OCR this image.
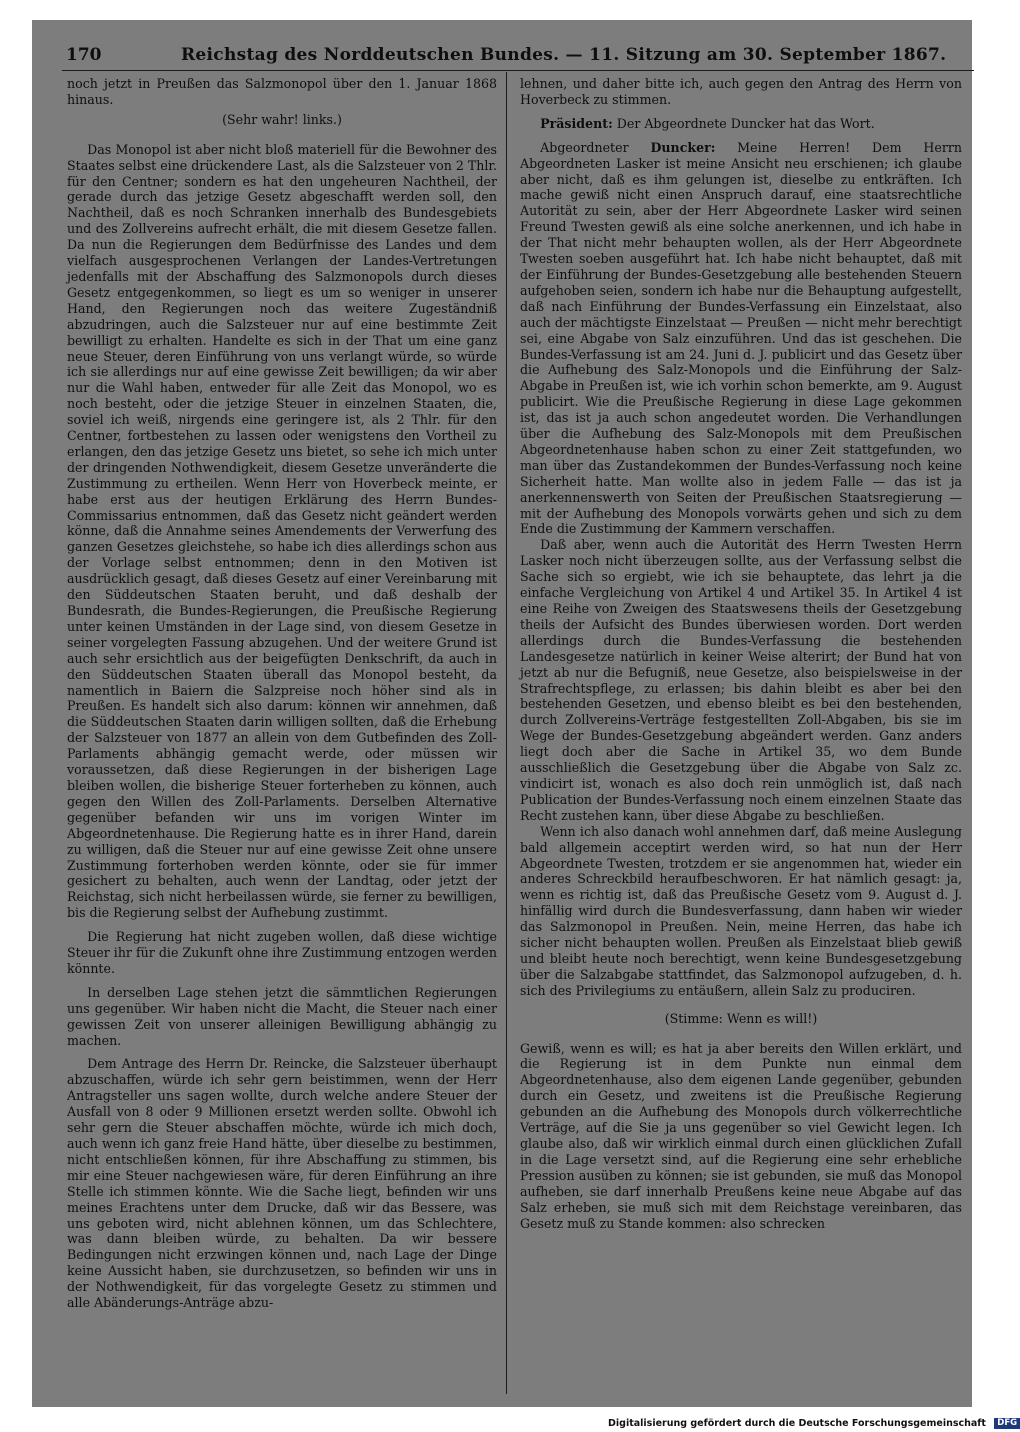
170	Reichstag des Norddeutschen Bundes. — 11. Sitzung am 30. September 1867.

noch jetzt in Preußen das Salzmonopol über den 1. Januar 1868 hinaus.

(Sehr wahr! links.)

Das Monopol ist aber nicht bloß materiell für die Bewohner des Staates selbst eine drückendere Last, als die Salzsteuer von 2 Thlr. für den Centner; sondern es hat den ungeheuren Nachtheil, der gerade durch das jetzige Gesetz abgeschafft werden soll, den Nachtheil, daß es noch Schranken innerhalb des Bundesgebiets und des Zollvereins aufrecht erhält, die mit diesem Gesetze fallen. Da nun die Regierungen dem Bedürfnisse des Landes und dem vielfach ausgesprochenen Verlangen der Landes-Vertretungen jedenfalls mit der Abschaffung des Salzmonopols durch dieses Gesetz entgegenkommen, so liegt es um so weniger in unserer Hand, den Regierungen noch das weitere Zugeständniß abzudringen, auch die Salzsteuer nur auf eine bestimmte Zeit bewilligt zu erhalten. Handelte es sich in der That um eine ganz neue Steuer, deren Einführung von uns verlangt würde, so würde ich sie allerdings nur auf eine gewisse Zeit bewilligen; da wir aber nur die Wahl haben, entweder für alle Zeit das Monopol, wo es noch besteht, oder die jetzige Steuer in einzelnen Staaten, die, soviel ich weiß, nirgends eine geringere ist, als 2 Thlr. für den Centner, fortbestehen zu lassen oder wenigstens den Vortheil zu erlangen, den das jetzige Gesetz uns bietet, so sehe ich mich unter der dringenden Nothwendigkeit, diesem Gesetze unveränderte die Zustimmung zu ertheilen. Wenn Herr von Hoverbeck meinte, er habe erst aus der heutigen Erklärung des Herrn Bundes-Commissarius entnommen, daß das Gesetz nicht geändert werden könne, daß die Annahme seines Amendements der Verwerfung des ganzen Gesetzes gleichstehe, so habe ich dies allerdings schon aus der Vorlage selbst entnommen; denn in den Motiven ist ausdrücklich gesagt, daß dieses Gesetz auf einer Vereinbarung mit den Süddeutschen Staaten beruht, und daß deshalb der Bundesrath, die Bundes-Regierungen, die Preußische Regierung unter keinen Umständen in der Lage sind, von diesem Gesetze in seiner vorgelegten Fassung abzugehen. Und der weitere Grund ist auch sehr ersichtlich aus der beigefügten Denkschrift, da auch in den Süddeutschen Staaten überall das Monopol besteht, da namentlich in Baiern die Salzpreise noch höher sind als in Preußen. Es handelt sich also darum: können wir annehmen, daß die Süddeutschen Staaten darin willigen sollten, daß die Erhebung der Salzsteuer von 1877 an allein von dem Gutbefinden des Zoll-Parlaments abhängig gemacht werde, oder müssen wir voraussetzen, daß diese Regierungen in der bisherigen Lage bleiben wollen, die bisherige Steuer forterheben zu können, auch gegen den Willen des Zoll-Parlaments. Derselben Alternative gegenüber befanden wir uns im vorigen Winter im Abgeordnetenhause. Die Regierung hatte es in ihrer Hand, darein zu willigen, daß die Steuer nur auf eine gewisse Zeit ohne unsere Zustimmung forterhoben werden könnte, oder sie für immer gesichert zu behalten, auch wenn der Landtag, oder jetzt der Reichstag, sich nicht herbeilassen würde, sie ferner zu bewilligen, bis die Regierung selbst der Aufhebung zustimmt.

Die Regierung hat nicht zugeben wollen, daß diese wichtige Steuer ihr für die Zukunft ohne ihre Zustimmung entzogen werden könnte.

In derselben Lage stehen jetzt die sämmtlichen Regierungen uns gegenüber. Wir haben nicht die Macht, die Steuer nach einer gewissen Zeit von unserer alleinigen Bewilligung abhängig zu machen.

Dem Antrage des Herrn Dr. Reincke, die Salzsteuer überhaupt abzuschaffen, würde ich sehr gern beistimmen, wenn der Herr Antragsteller uns sagen wollte, durch welche andere Steuer der Ausfall von 8 oder 9 Millionen ersetzt werden sollte. Obwohl ich sehr gern die Steuer abschaffen möchte, würde ich mich doch, auch wenn ich ganz freie Hand hätte, über dieselbe zu bestimmen, nicht entschließen können, für ihre Abschaffung zu stimmen, bis mir eine Steuer nachgewiesen wäre, für deren Einführung an ihre Stelle ich stimmen könnte. Wie die Sache liegt, befinden wir uns meines Erachtens unter dem Drucke, daß wir das Bessere, was uns geboten wird, nicht ablehnen können, um das Schlechtere, was dann bleiben würde, zu behalten. Da wir bessere Bedingungen nicht erzwingen können und, nach Lage der Dinge keine Aussicht haben, sie durchzusetzen, so befinden wir uns in der Nothwendigkeit, für das vorgelegte Gesetz zu stimmen und alle Abänderungs-Anträge abzu-

lehnen, und daher bitte ich, auch gegen den Antrag des Herrn von Hoverbeck zu stimmen.

Präsident: Der Abgeordnete Duncker hat das Wort.

Abgeordneter Duncker: Meine Herren! Dem Herrn Abgeordneten Lasker ist meine Ansicht neu erschienen; ich glaube aber nicht, daß es ihm gelungen ist, dieselbe zu entkräften. Ich mache gewiß nicht einen Anspruch darauf, eine staatsrechtliche Autorität zu sein, aber der Herr Abgeordnete Lasker wird seinen Freund Twesten gewiß als eine solche anerkennen, und ich habe in der That nicht mehr behaupten wollen, als der Herr Abgeordnete Twesten soeben ausgeführt hat. Ich habe nicht behauptet, daß mit der Einführung der Bundes-Gesetzgebung alle bestehenden Steuern aufgehoben seien, sondern ich habe nur die Behauptung aufgestellt, daß nach Einführung der Bundes-Verfassung ein Einzelstaat, also auch der mächtigste Einzelstaat — Preußen — nicht mehr berechtigt sei, eine Abgabe von Salz einzuführen. Und das ist geschehen. Die Bundes-Verfassung ist am 24. Juni d. J. publicirt und das Gesetz über die Aufhebung des Salz-Monopols und die Einführung der Salz-Abgabe in Preußen ist, wie ich vorhin schon bemerkte, am 9. August publicirt. Wie die Preußische Regierung in diese Lage gekommen ist, das ist ja auch schon angedeutet worden. Die Verhandlungen über die Aufhebung des Salz-Monopols mit dem Preußischen Abgeordnetenhause haben schon zu einer Zeit stattgefunden, wo man über das Zustandekommen der Bundes-Verfassung noch keine Sicherheit hatte. Man wollte also in jedem Falle — das ist ja anerkennenswerth von Seiten der Preußischen Staatsregierung — mit der Aufhebung des Monopols vorwärts gehen und sich zu dem Ende die Zustimmung der Kammern verschaffen.

Daß aber, wenn auch die Autorität des Herrn Twesten Herrn Lasker noch nicht überzeugen sollte, aus der Verfassung selbst die Sache sich so ergiebt, wie ich sie behauptete, das lehrt ja die einfache Vergleichung von Artikel 4 und Artikel 35. In Artikel 4 ist eine Reihe von Zweigen des Staatswesens theils der Gesetzgebung theils der Aufsicht des Bundes überwiesen worden. Dort werden allerdings durch die Bundes-Verfassung die bestehenden Landesgesetze natürlich in keiner Weise alterirt; der Bund hat von jetzt ab nur die Befugniß, neue Gesetze, also beispielsweise in der Strafrechtspflege, zu erlassen; bis dahin bleibt es aber bei den bestehenden Gesetzen, und ebenso bleibt es bei den bestehenden, durch Zollvereins-Verträge festgestellten Zoll-Abgaben, bis sie im Wege der Bundes-Gesetzgebung abgeändert werden. Ganz anders liegt doch aber die Sache in Artikel 35, wo dem Bunde ausschließlich die Gesetzgebung über die Abgabe von Salz zc. vindicirt ist, wonach es also doch rein unmöglich ist, daß nach Publication der Bundes-Verfassung noch einem einzelnen Staate das Recht zustehen kann, über diese Abgabe zu beschließen.

Wenn ich also danach wohl annehmen darf, daß meine Auslegung bald allgemein acceptirt werden wird, so hat nun der Herr Abgeordnete Twesten, trotzdem er sie angenommen hat, wieder ein anderes Schreckbild heraufbeschworen. Er hat nämlich gesagt: ja, wenn es richtig ist, daß das Preußische Gesetz vom 9. August d. J. hinfällig wird durch die Bundesverfassung, dann haben wir wieder das Salzmonopol in Preußen. Nein, meine Herren, das habe ich sicher nicht behaupten wollen. Preußen als Einzelstaat blieb gewiß und bleibt heute noch berechtigt, wenn keine Bundesgesetzgebung über die Salzabgabe stattfindet, das Salzmonopol aufzugeben, d. h. sich des Privilegiums zu entäußern, allein Salz zu produciren.

(Stimme: Wenn es will!)

Gewiß, wenn es will; es hat ja aber bereits den Willen erklärt, und die Regierung ist in dem Punkte nun einmal dem Abgeordnetenhause, also dem eigenen Lande gegenüber, gebunden durch ein Gesetz, und zweitens ist die Preußische Regierung gebunden an die Aufhebung des Monopols durch völkerrechtliche Verträge, auf die Sie ja uns gegenüber so viel Gewicht legen. Ich glaube also, daß wir wirklich einmal durch einen glücklichen Zufall in die Lage versetzt sind, auf die Regierung eine sehr erhebliche Pression ausüben zu können; sie ist gebunden, sie muß das Monopol aufheben, sie darf innerhalb Preußens keine neue Abgabe auf das Salz erheben, sie muß sich mit dem Reichstage vereinbaren, das Gesetz muß zu Stande kommen: also schrecken

Digitalisierung gefördert durch die Deutsche Forschungsgemeinschaft DFG
